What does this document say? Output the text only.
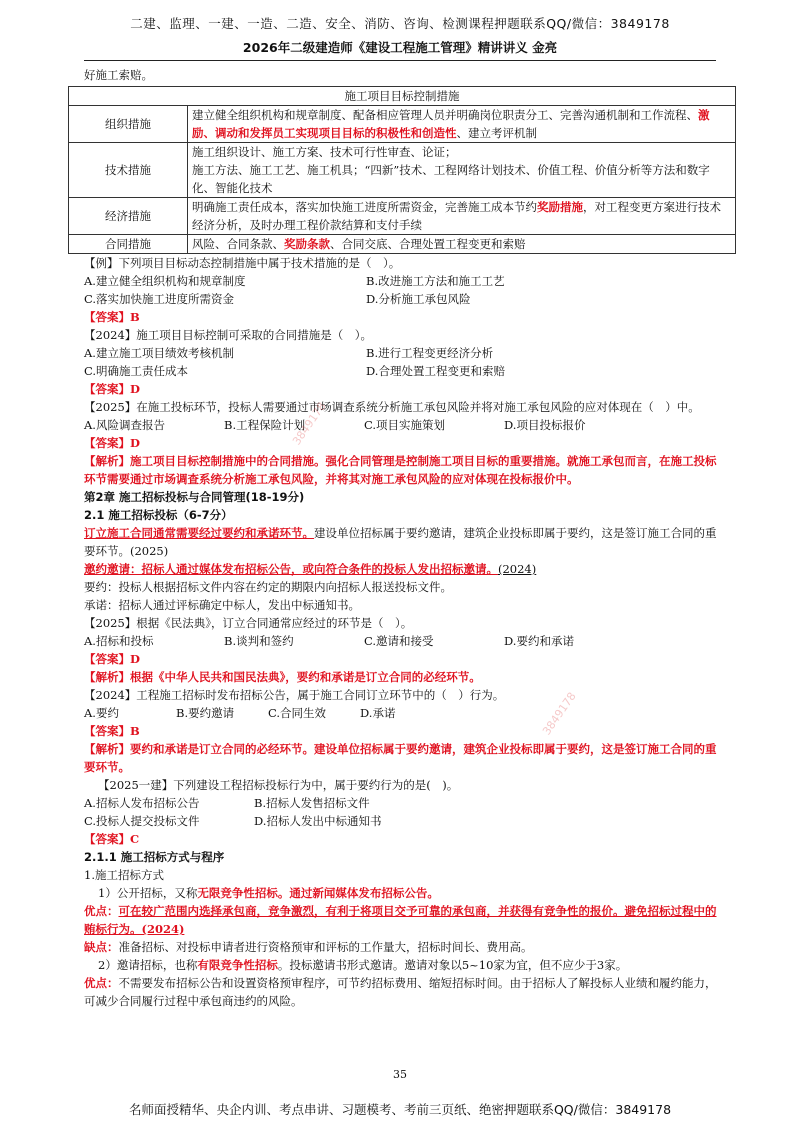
二建、监理、一建、一造、二造、安全、消防、咨询、检测课程押题联系QQ/微信：3849178
2026年二级建造师《建设工程施工管理》精讲讲义 金亮

好施工索赔。

施工项目目标控制措施	
组织措施	建立健全组织机构和规章制度、配备相应管理人员并明确岗位职责分工、完善沟通机制和工作流程、激励、调动和发挥员工实现项目目标的积极性和创造性、建立考评机制
技术措施	施工组织设计、施工方案、技术可行性审查、论证；
施工方法、施工工艺、施工机具；“四新”技术、工程网络计划技术、价值工程、价值分析等方法和数字化、智能化技术

经济措施	明确施工责任成本，落实加快施工进度所需资金，完善施工成本节约奖励措施，对工程变更方案进行技术经济分析，及时办理工程价款结算和支付手续
合同措施	风险、合同条款、奖励条款、合同交底、合理处置工程变更和索赔

【例】下列项目目标动态控制措施中属于技术措施的是（　）。

A.建立健全组织机构和规章制度	B.改进施工方法和施工工艺
C.落实加快施工进度所需资金	D.分析施工承包风险

【答案】B

【2024】施工项目目标控制可采取的合同措施是（　）。

A.建立施工项目绩效考核机制	B.进行工程变更经济分析
C.明确施工责任成本	D.合理处置工程变更和索赔

【答案】D

【2025】在施工投标环节，投标人需要通过市场调查系统分析施工承包风险并将对施工承包风险的应对体现在（　）中。

A.风险调查报告	B.工程保险计划	C.项目实施策划	D.项目投标报价

【答案】D

【解析】施工项目目标控制措施中的合同措施。强化合同管理是控制施工项目目标的重要措施。就施工承包而言，在施工投标环节需要通过市场调查系统分析施工承包风险，并将其对施工承包风险的应对体现在投标报价中。

第2章 施工招标投标与合同管理(18-19分)

2.1 施工招标投标（6-7分）

订立施工合同通常需要经过要约和承诺环节。建设单位招标属于要约邀请，建筑企业投标即属于要约，这是签订施工合同的重要环节。(2025)

邀约邀请：招标人通过媒体发布招标公告，或向符合条件的投标人发出招标邀请。(2024)

要约：投标人根据招标文件内容在约定的期限内向招标人报送投标文件。

承诺：招标人通过评标确定中标人，发出中标通知书。

【2025】根据《民法典》，订立合同通常应经过的环节是（　）。

A.招标和投标	B.谈判和签约	C.邀请和接受	D.要约和承诺

【答案】D

【解析】根据《中华人民共和国民法典》，要约和承诺是订立合同的必经环节。

【2024】工程施工招标时发布招标公告，属于施工合同订立环节中的（　）行为。

A.要约	B.要约邀请	C.合同生效	D.承诺

【答案】B

【解析】要约和承诺是订立合同的必经环节。建设单位招标属于要约邀请，建筑企业投标即属于要约，这是签订施工合同的重要环节。

【2025一建】下列建设工程招标投标行为中，属于要约行为的是(　)。

A.招标人发布招标公告	B.招标人发售招标文件
C.投标人提交投标文件	D.招标人发出中标通知书

【答案】C

2.1.1 施工招标方式与程序

1.施工招标方式

1）公开招标，又称无限竞争性招标。通过新闻媒体发布招标公告。

优点：可在较广范围内选择承包商，竞争激烈，有利于将项目交予可靠的承包商，并获得有竞争性的报价。避免招标过程中的贿标行为。(2024)

缺点：准备招标、对投标申请者进行资格预审和评标的工作量大，招标时间长、费用高。

2）邀请招标，也称有限竞争性招标。投标邀请书形式邀请。邀请对象以5~10家为宜，但不应少于3家。

优点：不需要发布招标公告和设置资格预审程序，可节约招标费用、缩短招标时间。由于招标人了解投标人业绩和履约能力，可减少合同履行过程中承包商违约的风险。

3849178
3849178
35
名师面授精华、央企内训、考点串讲、习题模考、考前三页纸、绝密押题联系QQ/微信：3849178
